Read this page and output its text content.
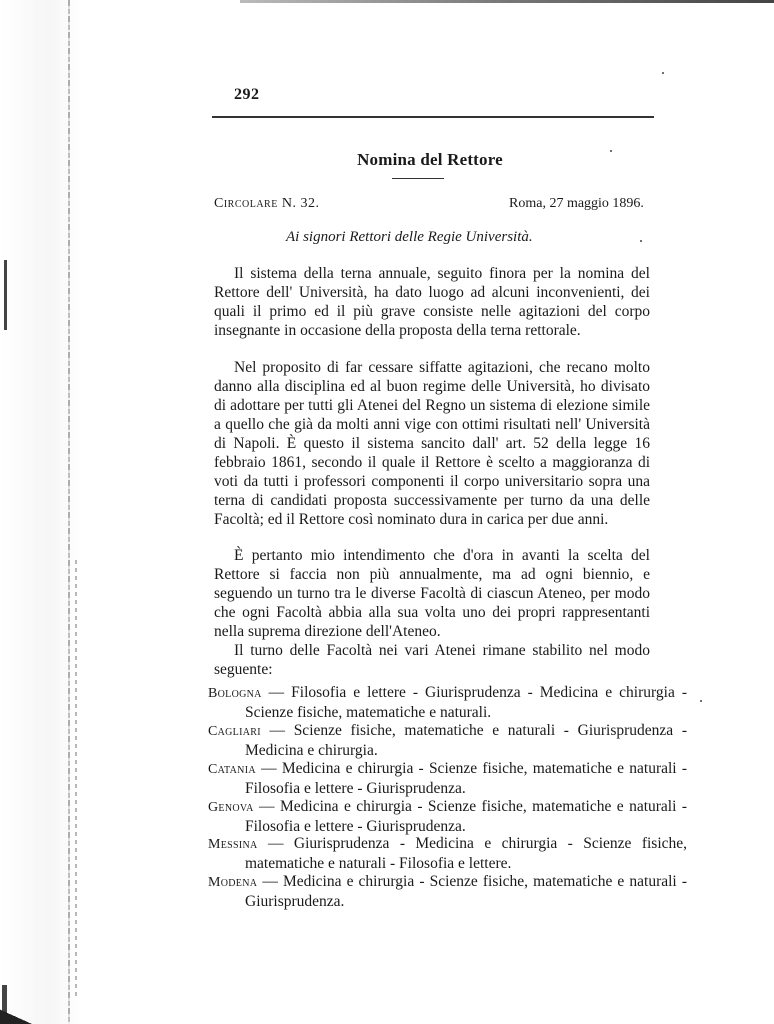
292
Nomina del Rettore
Circolare N. 32.	Roma, 27 maggio 1896.
Ai signori Rettori delle Regie Università.

Il sistema della terna annuale, seguito finora per la nomina del Rettore dell' Università, ha dato luogo ad alcuni inconvenienti, dei quali il primo ed il più grave consiste nelle agitazioni del corpo insegnante in occasione della proposta della terna rettorale.

Nel proposito di far cessare siffatte agitazioni, che recano molto danno alla disciplina ed al buon regime delle Università, ho divisato di adottare per tutti gli Atenei del Regno un sistema di elezione simile a quello che già da molti anni vige con ottimi risultati nell' Università di Napoli. È questo il sistema sancito dall' art. 52 della legge 16 febbraio 1861, secondo il quale il Rettore è scelto a maggioranza di voti da tutti i professori componenti il corpo universitario sopra una terna di candidati proposta successivamente per turno da una delle Facoltà; ed il Rettore così nominato dura in carica per due anni.

È pertanto mio intendimento che d'ora in avanti la scelta del Rettore si faccia non più annualmente, ma ad ogni biennio, e seguendo un turno tra le diverse Facoltà di ciascun Ateneo, per modo che ogni Facoltà abbia alla sua volta uno dei propri rappresentanti nella suprema direzione dell'Ateneo.

Il turno delle Facoltà nei vari Atenei rimane stabilito nel modo seguente:

Bologna — Filosofia e lettere - Giurisprudenza - Medicina e chirurgia - Scienze fisiche, matematiche e naturali.

Cagliari — Scienze fisiche, matematiche e naturali - Giurisprudenza - Medicina e chirurgia.

Catania — Medicina e chirurgia - Scienze fisiche, matematiche e naturali - Filosofia e lettere - Giurisprudenza.

Genova — Medicina e chirurgia - Scienze fisiche, matematiche e naturali - Filosofia e lettere - Giurisprudenza.

Messina — Giurisprudenza - Medicina e chirurgia - Scienze fisiche, matematiche e naturali - Filosofia e lettere.

Modena — Medicina e chirurgia - Scienze fisiche, matematiche e naturali - Giurisprudenza.
